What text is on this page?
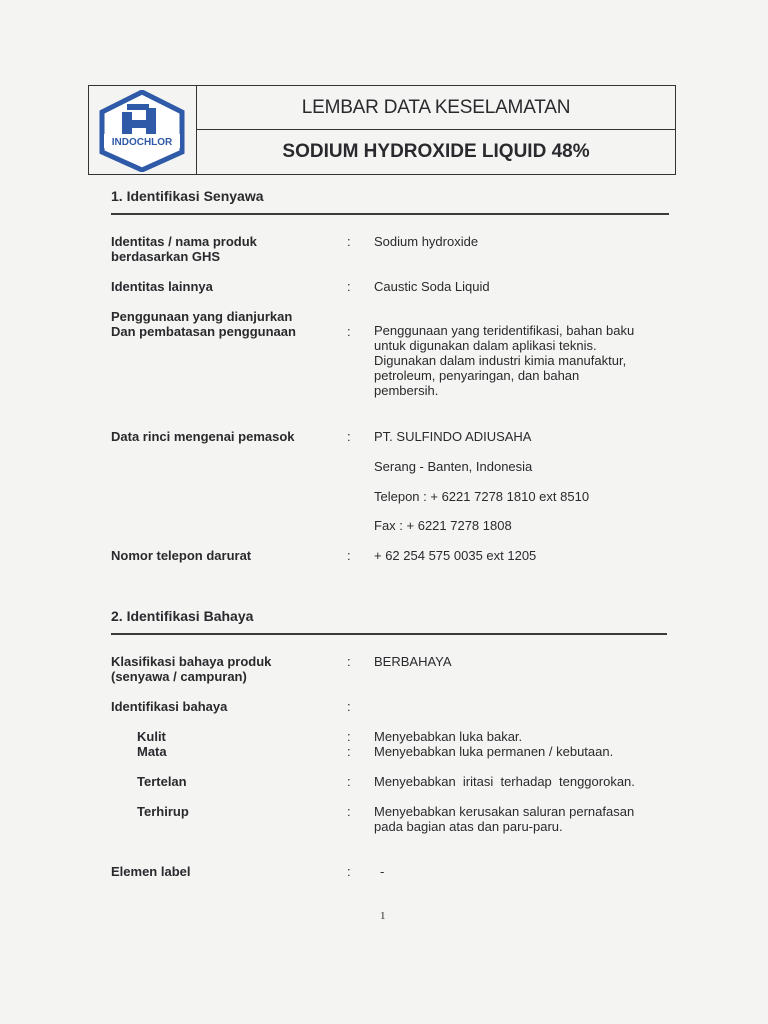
INDOCHLOR
LEMBAR DATA KESELAMATAN
SODIUM HYDROXIDE LIQUID 48%
1. Identifikasi Senyawa
Identitas / nama produk
berdasarkan GHS
: Sodium hydroxide
Identitas lainnya	: Caustic Soda Liquid
Penggunaan yang dianjurkan
Dan pembatasan penggunaan	: Penggunaan yang teridentifikasi, bahan baku
untuk digunakan dalam aplikasi teknis.
Digunakan dalam industri kimia manufaktur,
petroleum, penyaringan, dan bahan
pembersih.
Data rinci mengenai pemasok	: PT. SULFINDO ADIUSAHA
Serang - Banten, Indonesia
Telepon : + 6221 7278 1810 ext 8510
Fax : + 6221 7278 1808
Nomor telepon darurat	: + 62 254 575 0035 ext 1205
2. Identifikasi Bahaya
Klasifikasi bahaya produk
(senyawa / campuran)
: BERBAHAYA
Identifikasi bahaya	:
Kulit	: Menyebabkan luka bakar.
Mata	: Menyebabkan luka permanen / kebutaan.
Tertelan	: Menyebabkan  iritasi  terhadap  tenggorokan.
Terhirup	: Menyebabkan kerusakan saluran pernafasan
pada bagian atas dan paru-paru.
Elemen label	: -
1
